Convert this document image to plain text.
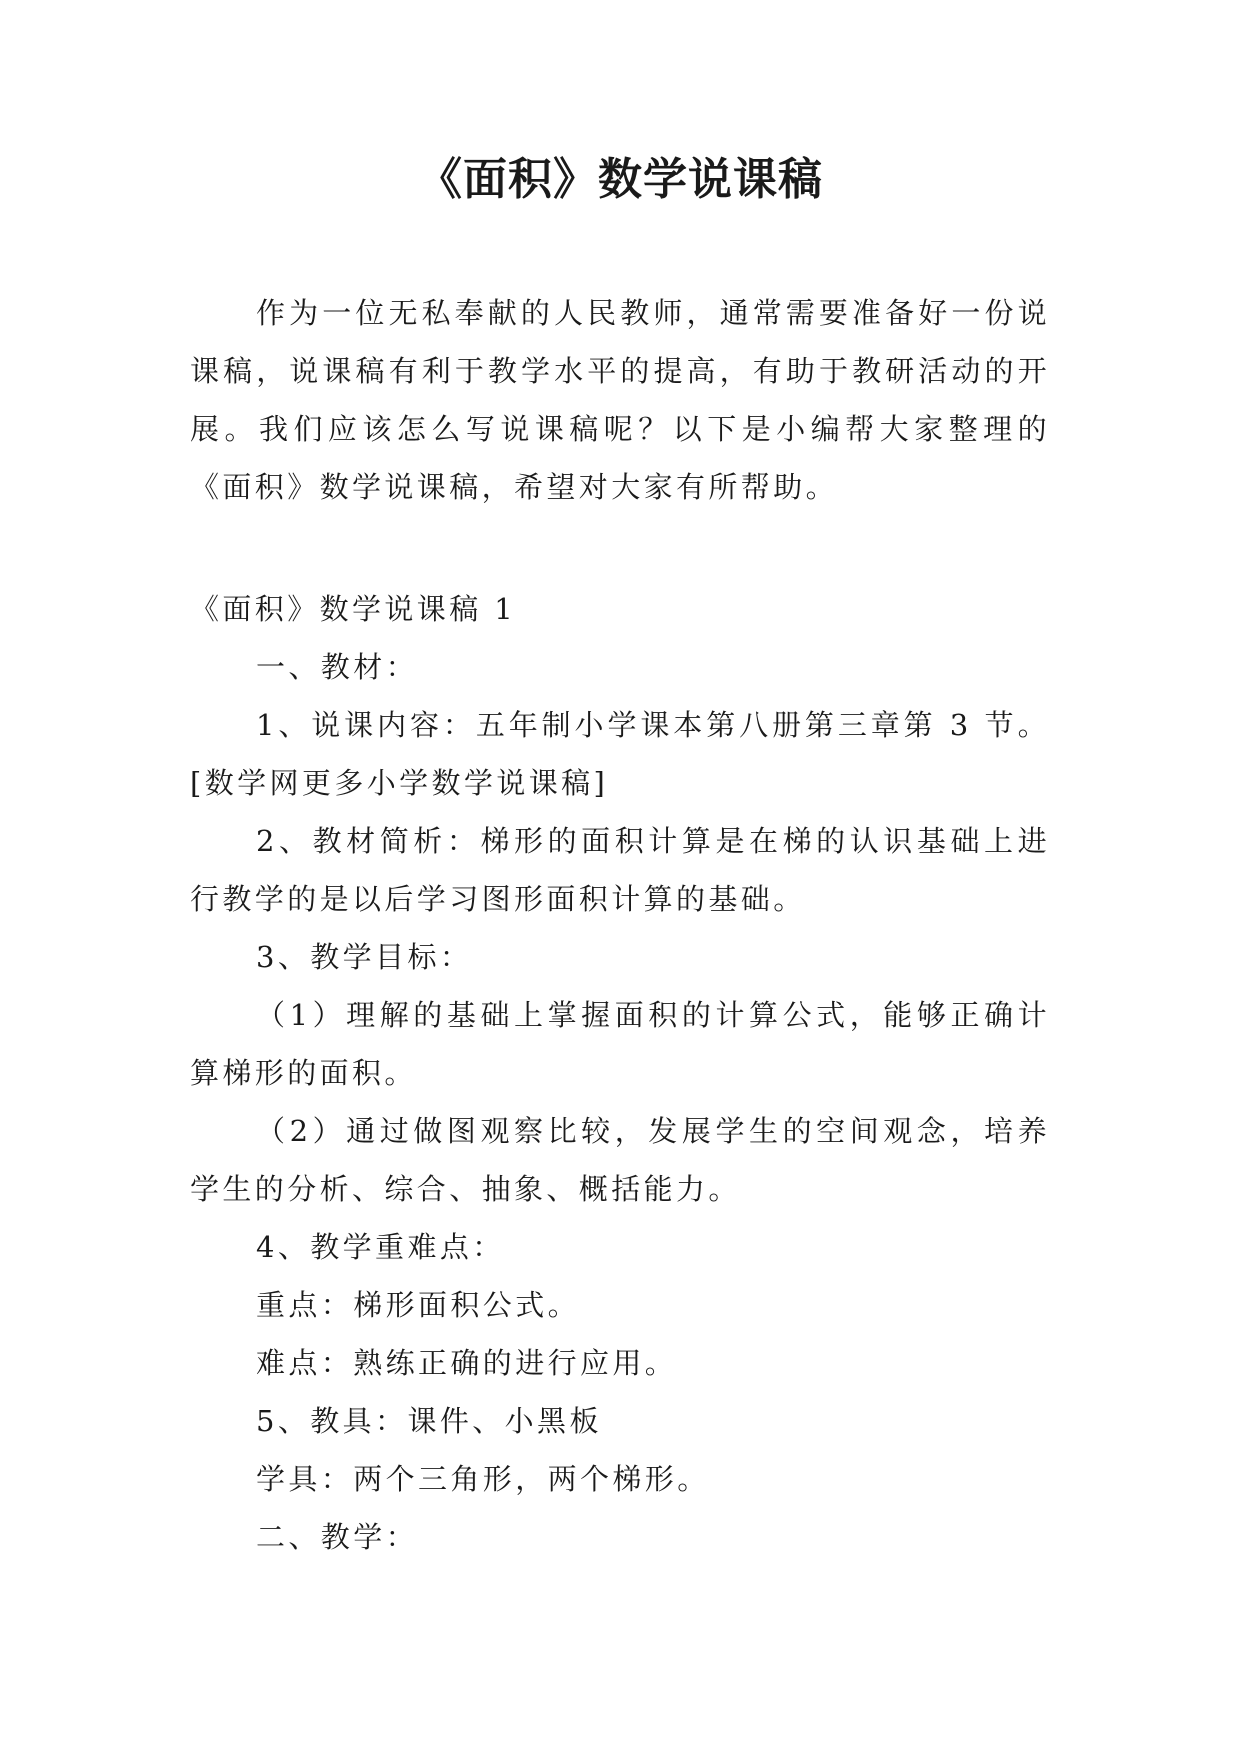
《面积》数学说课稿

作为一位无私奉献的人民教师，通常需要准备好一份说课稿，说课稿有利于教学水平的提高，有助于教研活动的开展。我们应该怎么写说课稿呢？以下是小编帮大家整理的《面积》数学说课稿，希望对大家有所帮助。

《面积》数学说课稿 1

一、教材：

1、说课内容：五年制小学课本第八册第三章第 3 节。[数学网更多小学数学说课稿]

2、教材简析：梯形的面积计算是在梯的认识基础上进行教学的是以后学习图形面积计算的基础。

3、教学目标：

（1）理解的基础上掌握面积的计算公式，能够正确计算梯形的面积。

（2）通过做图观察比较，发展学生的空间观念，培养学生的分析、综合、抽象、概括能力。

4、教学重难点：

重点：梯形面积公式。

难点：熟练正确的进行应用。

5、教具：课件、小黑板

学具：两个三角形，两个梯形。

二、教学：
